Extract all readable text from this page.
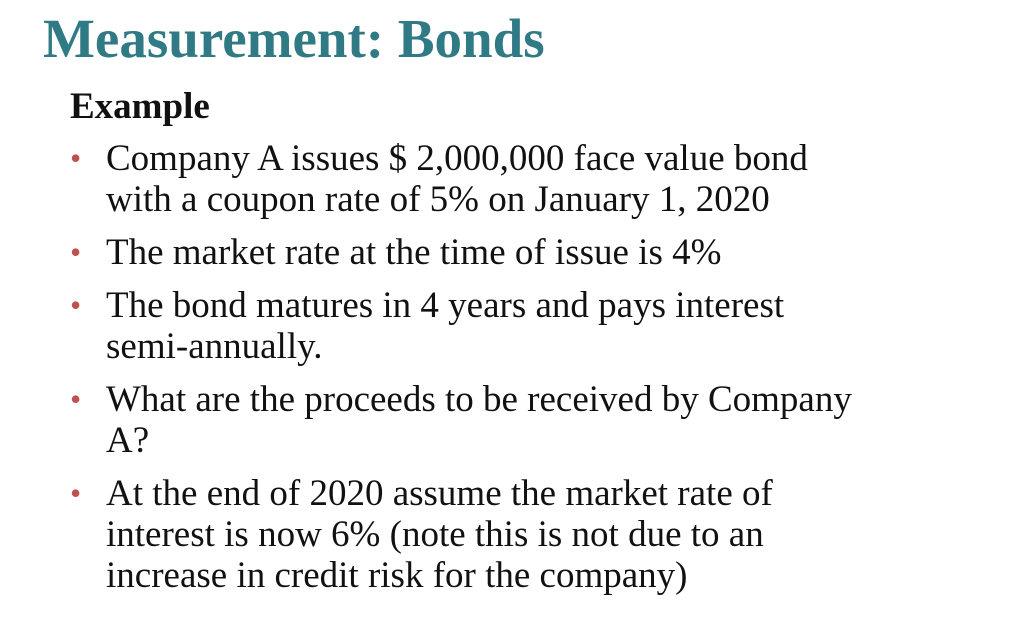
Measurement: Bonds
Example
• Company A issues $ 2,000,000 face value bond
with a coupon rate of 5% on January 1, 2020
• The market rate at the time of issue is 4%
• The bond matures in 4 years and pays interest
semi-annually.
• What are the proceeds to be received by Company
A?
• At the end of 2020 assume the market rate of
interest is now 6% (note this is not due to an
increase in credit risk for the company)
